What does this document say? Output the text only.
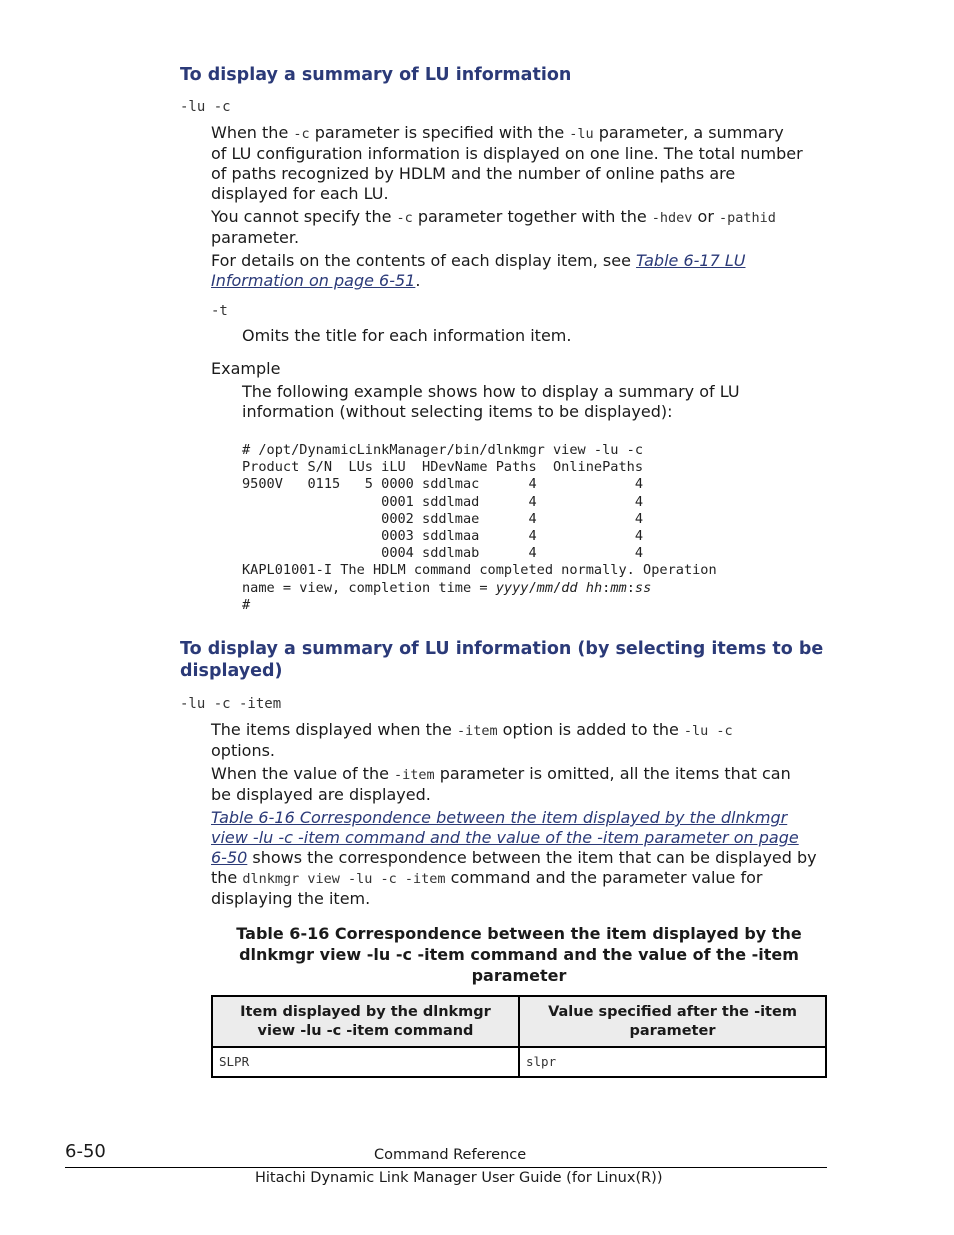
To display a summary of LU information
-lu -c
When the -c parameter is specified with the -lu parameter, a summary
of LU configuration information is displayed on one line. The total number
of paths recognized by HDLM and the number of online paths are
displayed for each LU.
You cannot specify the -c parameter together with the -hdev or -pathid
parameter.
For details on the contents of each display item, see Table 6-17 LU
Information on page 6-51.
-t
Omits the title for each information item.
Example
The following example shows how to display a summary of LU
information (without selecting items to be displayed):
# /opt/DynamicLinkManager/bin/dlnkmgr view -lu -c
Product S/N  LUs iLU  HDevName Paths  OnlinePaths
9500V   0115   5 0000 sddlmac      4            4
0001 sddlmad      4            4
0002 sddlmae      4            4
0003 sddlmaa      4            4
0004 sddlmab      4            4
KAPL01001-I The HDLM command completed normally. Operation
name = view, completion time = yyyy/mm/dd hh:mm:ss
#
To display a summary of LU information (by selecting items to be
displayed)
-lu -c -item
The items displayed when the -item option is added to the -lu -c
options.
When the value of the -item parameter is omitted, all the items that can
be displayed are displayed.
Table 6-16 Correspondence between the item displayed by the dlnkmgr
view -lu -c -item command and the value of the -item parameter on page
6-50 shows the correspondence between the item that can be displayed by
the dlnkmgr view -lu -c -item command and the parameter value for
displaying the item.
Table 6-16 Correspondence between the item displayed by the
dlnkmgr view -lu -c -item command and the value of the -item
parameter
Item displayed by the dlnkmgr view -lu -c -item command	Value specified after the -item parameter
SLPR	slpr
6-50	Command Reference
Hitachi Dynamic Link Manager User Guide (for Linux(R))
